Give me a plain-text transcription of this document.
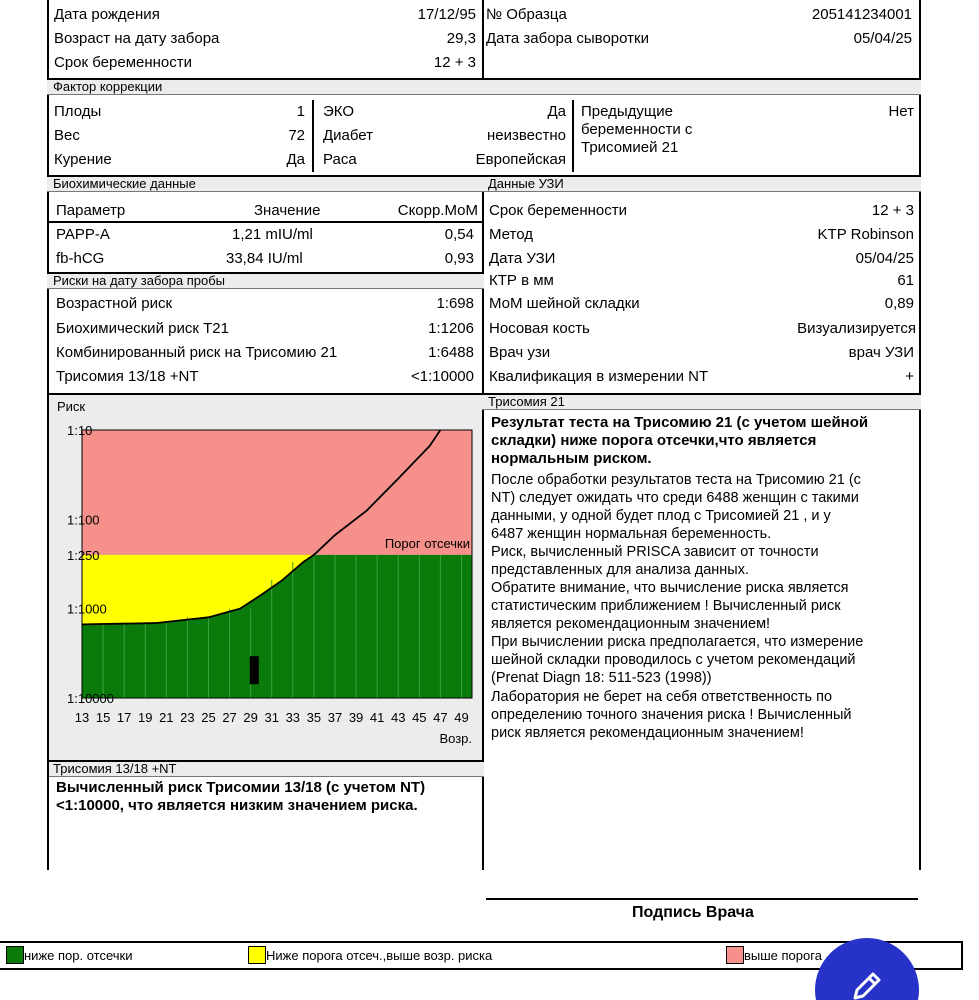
Дата рождения	17/12/95
Возраст на дату забора	29,3
Срок беременности	12 + 3
№ Образца	205141234001
Дата забора сыворотки	05/04/25
Фактор коррекции
Плоды	1
Вес	72
Курение	Да
ЭКО	Да
Диабет	неизвестно
Раса	Европейская
Предыдущие
беременности с
Трисомией 21
Нет
Биохимические данные	Данные УЗИ
Параметр	Значение	Скорр.МоМ
PAPP-A	1,21 mIU/ml	0,54
fb-hCG	33,84 IU/ml	0,93
Риски на дату забора пробы
Возрастной риск	1:698
Биохимический риск Т21	1:1206
Комбинированный риск на Трисомию 21	1:6488
Трисомия 13/18 +NT	<1:10000
Срок беременности	12 + 3
Метод	KTP Robinson
Дата УЗИ	05/04/25
КТР в мм	61
МоМ шейной складки	0,89
Носовая кость	Визуализируется
Врач узи	врач УЗИ
Квалификация в измерении NT	+
1:10
1:100
1:250
1:1000
1:10000
Риск
13 15 17 19 21 23 25 27 29 31 33 35 37 39 41 43 45 47 49
Возр.
Порог отсечки
Трисомия 21
Результат теста на Трисомию 21 (с учетом шейной
складки) ниже порога отсечки,что является
нормальным риском.
После обработки результатов теста на Трисомию 21 (с
NT) следует ожидать что среди 6488 женщин с такими
данными, у одной будет плод с Трисомией 21 , и у
6487 женщин нормальная беременность.
Риск, вычисленный PRISCA зависит от точности
представленных для анализа данных.
Обратите внимание, что вычисление риска является
статистическим приближением ! Вычисленный риск
является рекомендационным значением!
При вычислении риска предполагается, что измерение
шейной складки проводилось с учетом рекомендаций
(Prenat Diagn 18: 511-523 (1998))
Лаборатория не берет на себя ответственность по
определению точного значения риска ! Вычисленный
риск является рекомендационным значением!
Трисомия 13/18 +NT
Вычисленный риск Трисомии 13/18 (с учетом NT)
<1:10000, что является низким значением риска.
Подпись Врача
ниже пор. отсечки	Ниже порога отсеч.,выше возр. риска	выше порога
